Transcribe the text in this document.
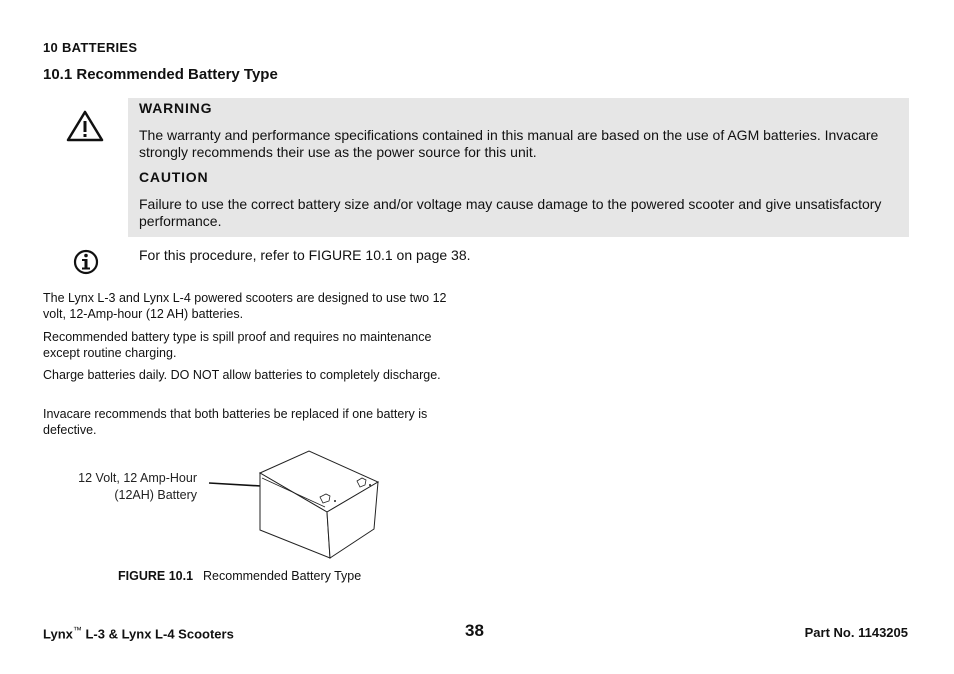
10 BATTERIES
10.1 Recommended Battery Type
WARNING
The warranty and performance specifications contained in this manual are based on the use of AGM batteries. Invacare strongly recommends their use as the power source for this unit.
CAUTION
Failure to use the correct battery size and/or voltage may cause damage to the powered scooter and give unsatisfactory performance.
For this procedure, refer to FIGURE 10.1 on page 38.
The Lynx L-3 and Lynx L-4 powered scooters are designed to use two 12 volt, 12-Amp-hour (12 AH) batteries.
Recommended battery type is spill proof and requires no maintenance except routine charging.
Charge batteries daily. DO NOT allow batteries to completely discharge.
Invacare recommends that both batteries be replaced if one battery is defective.
12 Volt, 12 Amp-Hour
(12AH) Battery
FIGURE 10.1 Recommended Battery Type
Lynx™ L-3 & Lynx L-4 Scooters	38	Part No. 1143205
